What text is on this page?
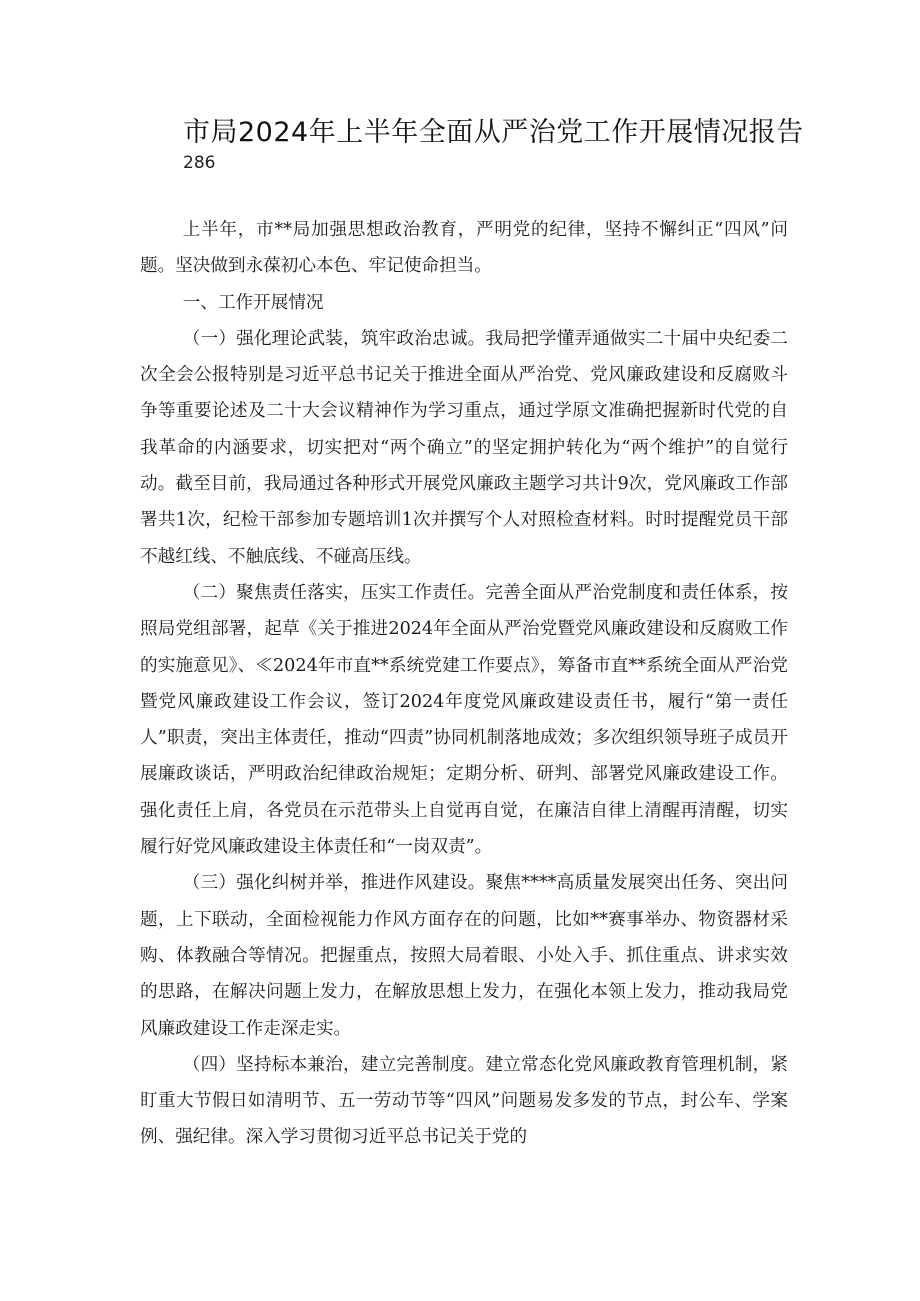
市局2024年上半年全面从严治党工作开展情况报告
286

上半年，市**局加强思想政治教育，严明党的纪律，坚持不懈纠正“四风”问题。坚决做到永葆初心本色、牢记使命担当。

一、工作开展情况

（一）强化理论武装，筑牢政治忠诚。我局把学懂弄通做实二十届中央纪委二次全会公报特别是习近平总书记关于推进全面从严治党、党风廉政建设和反腐败斗争等重要论述及二十大会议精神作为学习重点，通过学原文准确把握新时代党的自我革命的内涵要求，切实把对“两个确立”的坚定拥护转化为“两个维护”的自觉行动。截至目前，我局通过各种形式开展党风廉政主题学习共计9次，党风廉政工作部署共1次，纪检干部参加专题培训1次并撰写个人对照检查材料。时时提醒党员干部不越红线、不触底线、不碰高压线。

（二）聚焦责任落实，压实工作责任。完善全面从严治党制度和责任体系，按照局党组部署，起草《关于推进2024年全面从严治党暨党风廉政建设和反腐败工作的实施意见》、≪2024年市直**系统党建工作要点》，筹备市直**系统全面从严治党暨党风廉政建设工作会议，签订2024年度党风廉政建设责任书，履行“第一责任人”职责，突出主体责任，推动“四责”协同机制落地成效；多次组织领导班子成员开展廉政谈话，严明政治纪律政治规矩；定期分析、研判、部署党风廉政建设工作。强化责任上肩，各党员在示范带头上自觉再自觉，在廉洁自律上清醒再清醒，切实履行好党风廉政建设主体责任和“一岗双责”。

（三）强化纠树并举，推进作风建设。聚焦****高质量发展突出任务、突出问题，上下联动，全面检视能力作风方面存在的问题，比如**赛事举办、物资器材采购、体教融合等情况。把握重点，按照大局着眼、小处入手、抓住重点、讲求实效的思路，在解决问题上发力，在解放思想上发力，在强化本领上发力，推动我局党风廉政建设工作走深走实。

（四）坚持标本兼治，建立完善制度。建立常态化党风廉政教育管理机制，紧盯重大节假日如清明节、五一劳动节等“四风”问题易发多发的节点，封公车、学案例、强纪律。深入学习贯彻习近平总书记关于党的
